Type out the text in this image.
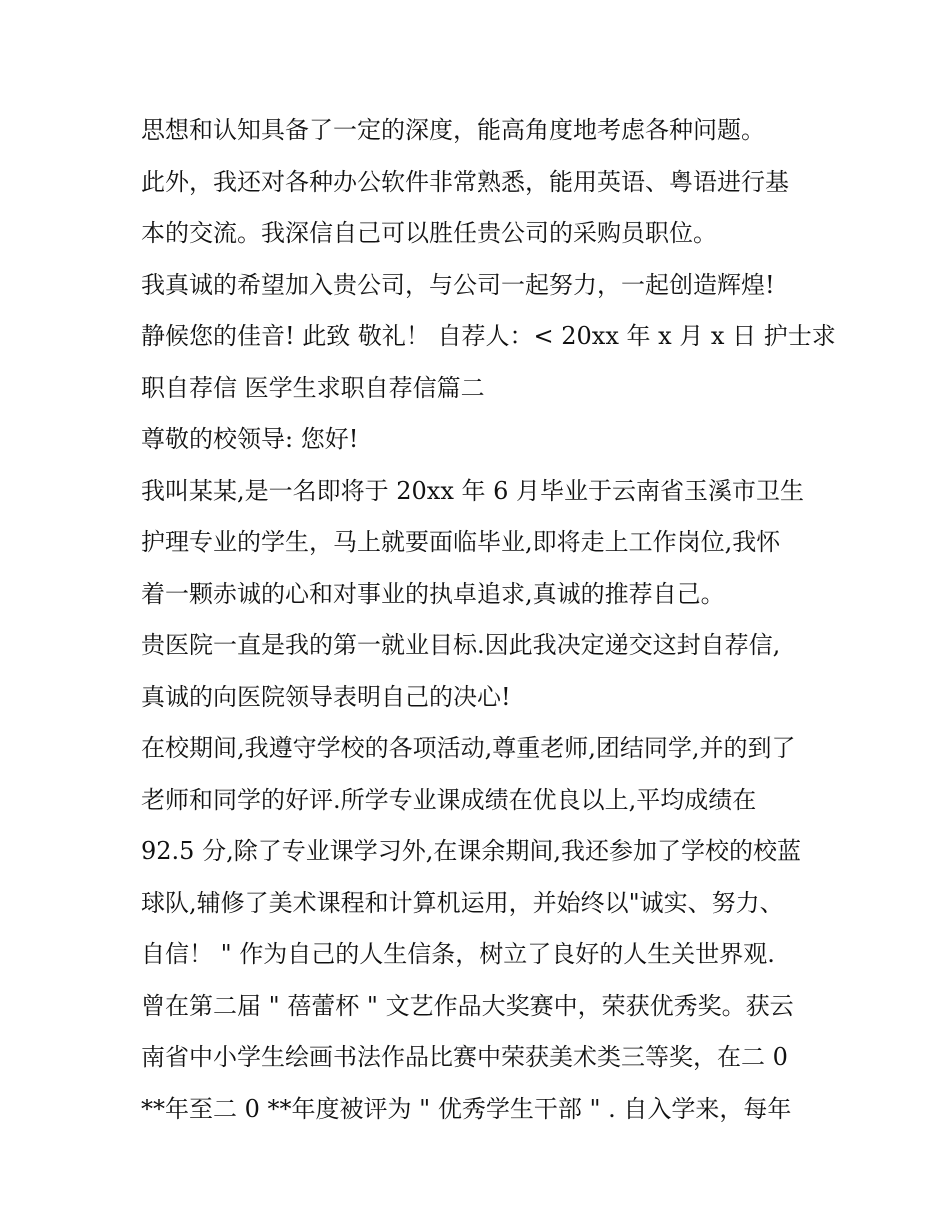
思想和认知具备了一定的深度，能高角度地考虑各种问题。
此外，我还对各种办公软件非常熟悉，能用英语、粤语进行基
本的交流。我深信自己可以胜任贵公司的采购员职位。
我真诚的希望加入贵公司，与公司一起努力，一起创造辉煌!
静候您的佳音! 此致 敬礼！ 自荐人：< 20xx 年 x 月 x 日 护士求
职自荐信 医学生求职自荐信篇二
尊敬的校领导: 您好!
我叫某某,是一名即将于 20xx 年 6 月毕业于云南省玉溪市卫生
护理专业的学生，马上就要面临毕业,即将走上工作岗位,我怀
着一颗赤诚的心和对事业的执卓追求,真诚的推荐自己。
贵医院一直是我的第一就业目标.因此我决定递交这封自荐信,
真诚的向医院领导表明自己的决心!
在校期间,我遵守学校的各项活动,尊重老师,团结同学,并的到了
老师和同学的好评.所学专业课成绩在优良以上,平均成绩在
92.5 分,除了专业课学习外,在课余期间,我还参加了学校的校蓝
球队,辅修了美术课程和计算机运用，并始终以"诚实、努力、
自信！ " 作为自己的人生信条，树立了良好的人生关世界观.
曾在第二届 " 蓓蕾杯 " 文艺作品大奖赛中，荣获优秀奖。获云
南省中小学生绘画书法作品比赛中荣获美术类三等奖，在二 0
**年至二 0 **年度被评为 " 优秀学生干部 " . 自入学来，每年
